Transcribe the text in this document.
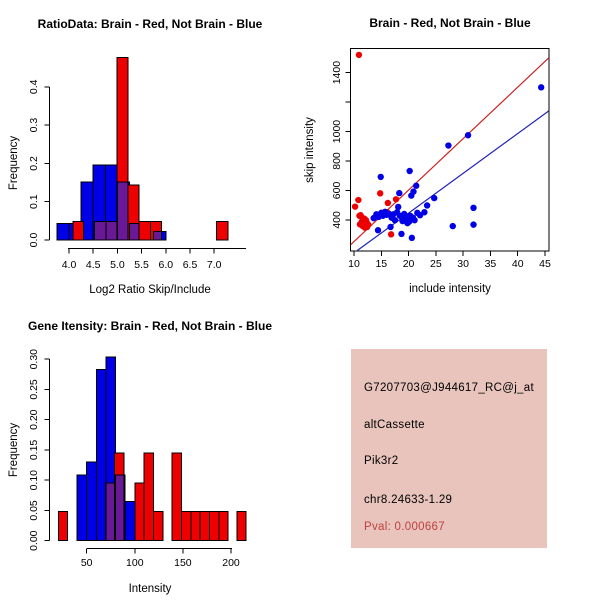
RatioData: Brain - Red, Not Brain - Blue
Log2 Ratio Skip/Include
Frequency
4.0 4.5 5.0 5.5 6.0 6.5 7.0
0.0
0.1
0.2
0.3
0.4
Brain - Red, Not Brain - Blue
include intensity
skip intensity
10 15 20 25 30 35 40 45
400
600
800
1000
1400
Gene Itensity: Brain - Red, Not Brain - Blue
Intensity
Frequency
50	100	150	200
0.00
0.05
0.10
0.15
0.20
0.25
0.30
G7207703@J944617_RC@j_at
altCassette
Pik3r2
chr8.24633-1.29
Pval: 0.000667
